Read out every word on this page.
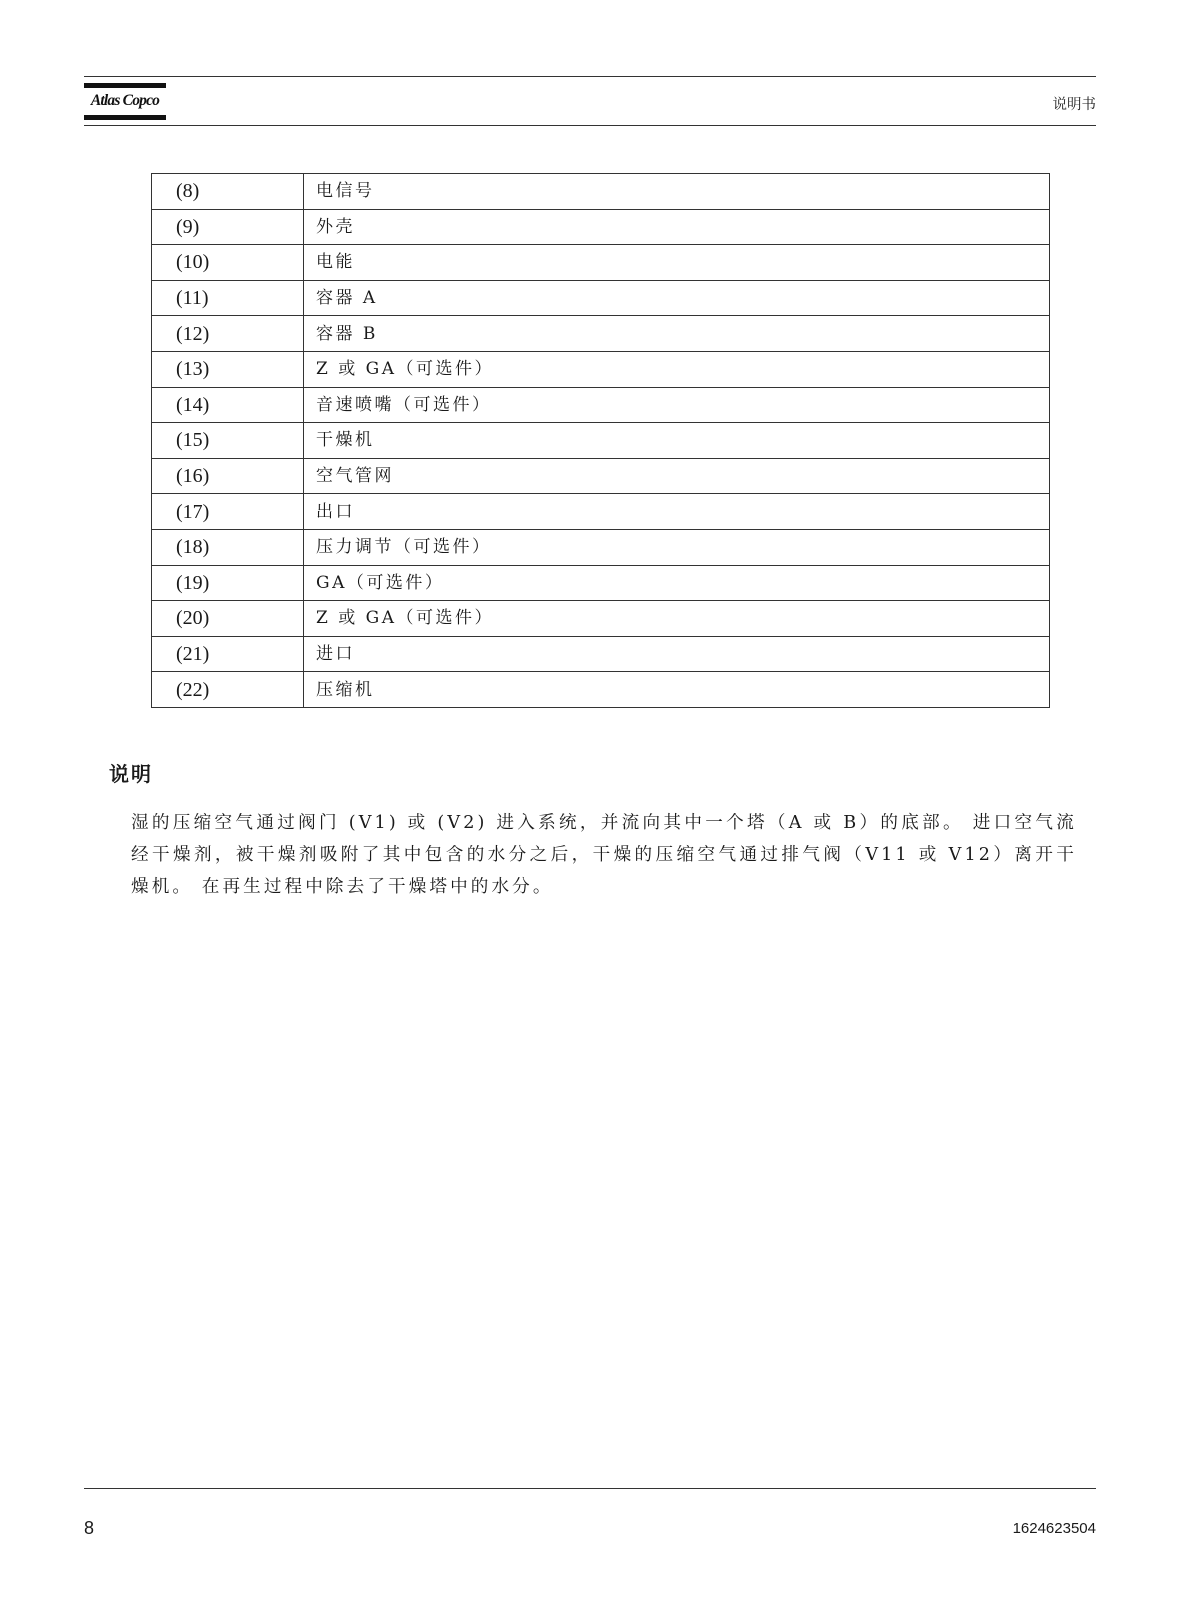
Atlas Copco	说明书
(8)	电信号
(9)	外壳
(10)	电能
(11)	容器 A
(12)	容器 B
(13)	Z 或 GA（可选件）
(14)	音速喷嘴（可选件）
(15)	干燥机
(16)	空气管网
(17)	出口
(18)	压力调节（可选件）
(19)	GA（可选件）
(20)	Z 或 GA（可选件）
(21)	进口
(22)	压缩机
说明
湿的压缩空气通过阀门 (V1) 或 (V2) 进入系统，并流向其中一个塔（A 或 B）的底部。 进口空气流经干燥剂，被干燥剂吸附了其中包含的水分之后，干燥的压缩空气通过排气阀（V11 或 V12）离开干燥机。 在再生过程中除去了干燥塔中的水分。
8	1624623504
